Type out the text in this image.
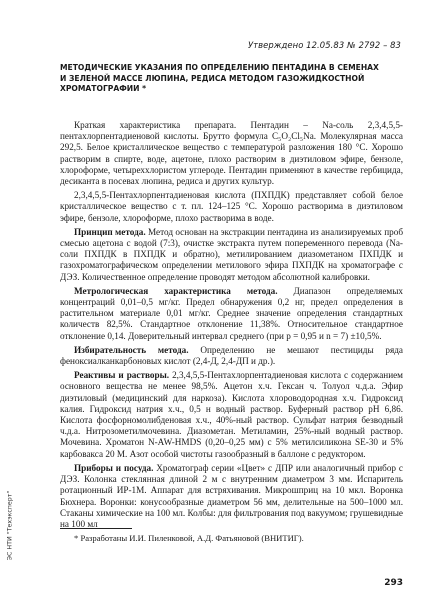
Утверждено 12.05.83 № 2792 – 83
МЕТОДИЧЕСКИЕ УКАЗАНИЯ ПО ОПРЕДЕЛЕНИЮ ПЕНТАДИНА В СЕМЕНАХ И ЗЕЛЕНОЙ МАССЕ ЛЮПИНА, РЕДИСА МЕТОДОМ ГАЗОЖИДКОСТНОЙ ХРОМАТОГРАФИИ *

Краткая характеристика препарата. Пентадин – Na-соль 2,3,4,5,5-пентахлорпентадиеновой кислоты. Брутто формула C₅O₂Cl₅Na. Молекулярная масса 292,5. Белое кристаллическое вещество с температурой разложения 180 °С. Хорошо растворим в спирте, воде, ацетоне, плохо растворим в диэтиловом эфире, бензоле, хлороформе, четыреххлористом углероде. Пентадин применяют в качестве гербицида, десиканта в посевах люпина, редиса и других культур.

2,3,4,5,5-Пентахлорпентадиеновая кислота (ПХПДК) представляет собой белое кристаллическое вещество с т. пл. 124–125 °С. Хорошо растворима в диэтиловом эфире, бензоле, хлороформе, плохо растворима в воде.

Принцип метода. Метод основан на экстракции пентадина из анализируемых проб смесью ацетона с водой (7:3), очистке экстракта путем попеременного перевода (Na-соли ПХПДК в ПХПДК и обратно), метилированием диазометаном ПХПДК и газохроматографическом определении метилового эфира ПХПДК на хроматографе с ДЭЗ. Количественное определение проводят методом абсолютной калибровки.

Метрологическая характеристика метода. Диапазон определяемых концентраций 0,01–0,5 мг/кг. Предел обнаружения 0,2 нг, предел определения в растительном материале 0,01 мг/кг. Среднее значение определения стандартных количеств 82,5%. Стандартное отклонение 11,38%. Относительное стандартное отклонение 0,14. Доверительный интервал среднего (при p = 0,95 и n = 7) ±10,5%.

Избирательность метода. Определению не мешают пестициды ряда феноксиалканкарбоновых кислот (2,4-Д, 2,4-ДП и др.).

Реактивы и растворы. 2,3,4,5,5-Пентахлорпентадиеновая кислота с содержанием основного вещества не менее 98,5%. Ацетон х.ч. Гексан ч. Толуол ч.д.а. Эфир диэтиловый (медицинский для наркоза). Кислота хлороводородная х.ч. Гидроксид калия. Гидроксид натрия х.ч., 0,5 н водный раствор. Буферный раствор pH 6,86. Кислота фосфорномолибденовая х.ч., 40%-ный раствор. Сульфат натрия безводный ч.д.а. Нитрозометилмочевина. Диазометан. Метиламин, 25%-ный водный раствор. Мочевина. Хроматон N-AW-HMDS (0,20–0,25 мм) с 5% метилсиликона SE-30 и 5% карбовакса 20 М. Азот особой чистоты газообразный в баллоне с редуктором.

Приборы и посуда. Хроматограф серии «Цвет» с ДПР или аналогичный прибор с ДЭЗ. Колонка стеклянная длиной 2 м с внутренним диаметром 3 мм. Испаритель ротационный ИР-1М. Аппарат для встряхивания. Микрошприц на 10 мкл. Воронка Бюхнера. Воронки: конусообразные диаметром 56 мм, делительные на 500–1000 мл. Стаканы химические на 100 мл. Колбы: для фильтрования под вакуумом; грушевидные на 100 мл

* Разработаны И.И. Пиленковой, А.Д. Фатьяновой (ВНИТИГ).
293
ЭС НТИ "Техэксперт"
